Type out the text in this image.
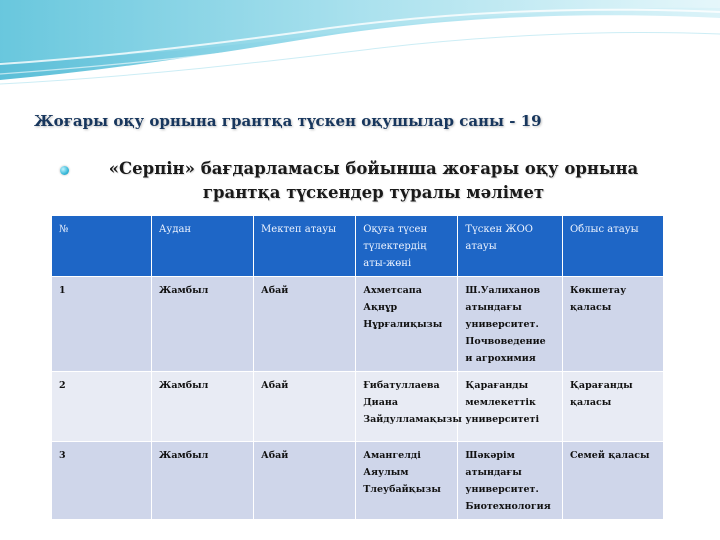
Жоғары оқу орнына грантқа түскен оқушылар саны - 19
«Серпін» бағдарламасы бойынша жоғары оқу орнына грантқа түскендер туралы мәлімет
№	Аудан	Мектеп атауы	Оқуға түсен түлектердің аты-жөні	Түскен ЖОО атауы	Облыс атауы
1	Жамбыл	Абай	Ахметсапа Ақнұр Нұрғалиқызы	Ш.Уалиханов атындағы университет. Почвоведение и агрохимия	Көкшетау қаласы
2	Жамбыл	Абай	Ғибатуллаева Диана Зайдулламақызы	Қарағанды мемлекеттік университеті	Қарағанды қаласы
3	Жамбыл	Абай	Амангелді Аяулым Тлеубайқызы	Шәкәрім атындағы университет. Биотехнология	Семей қаласы
